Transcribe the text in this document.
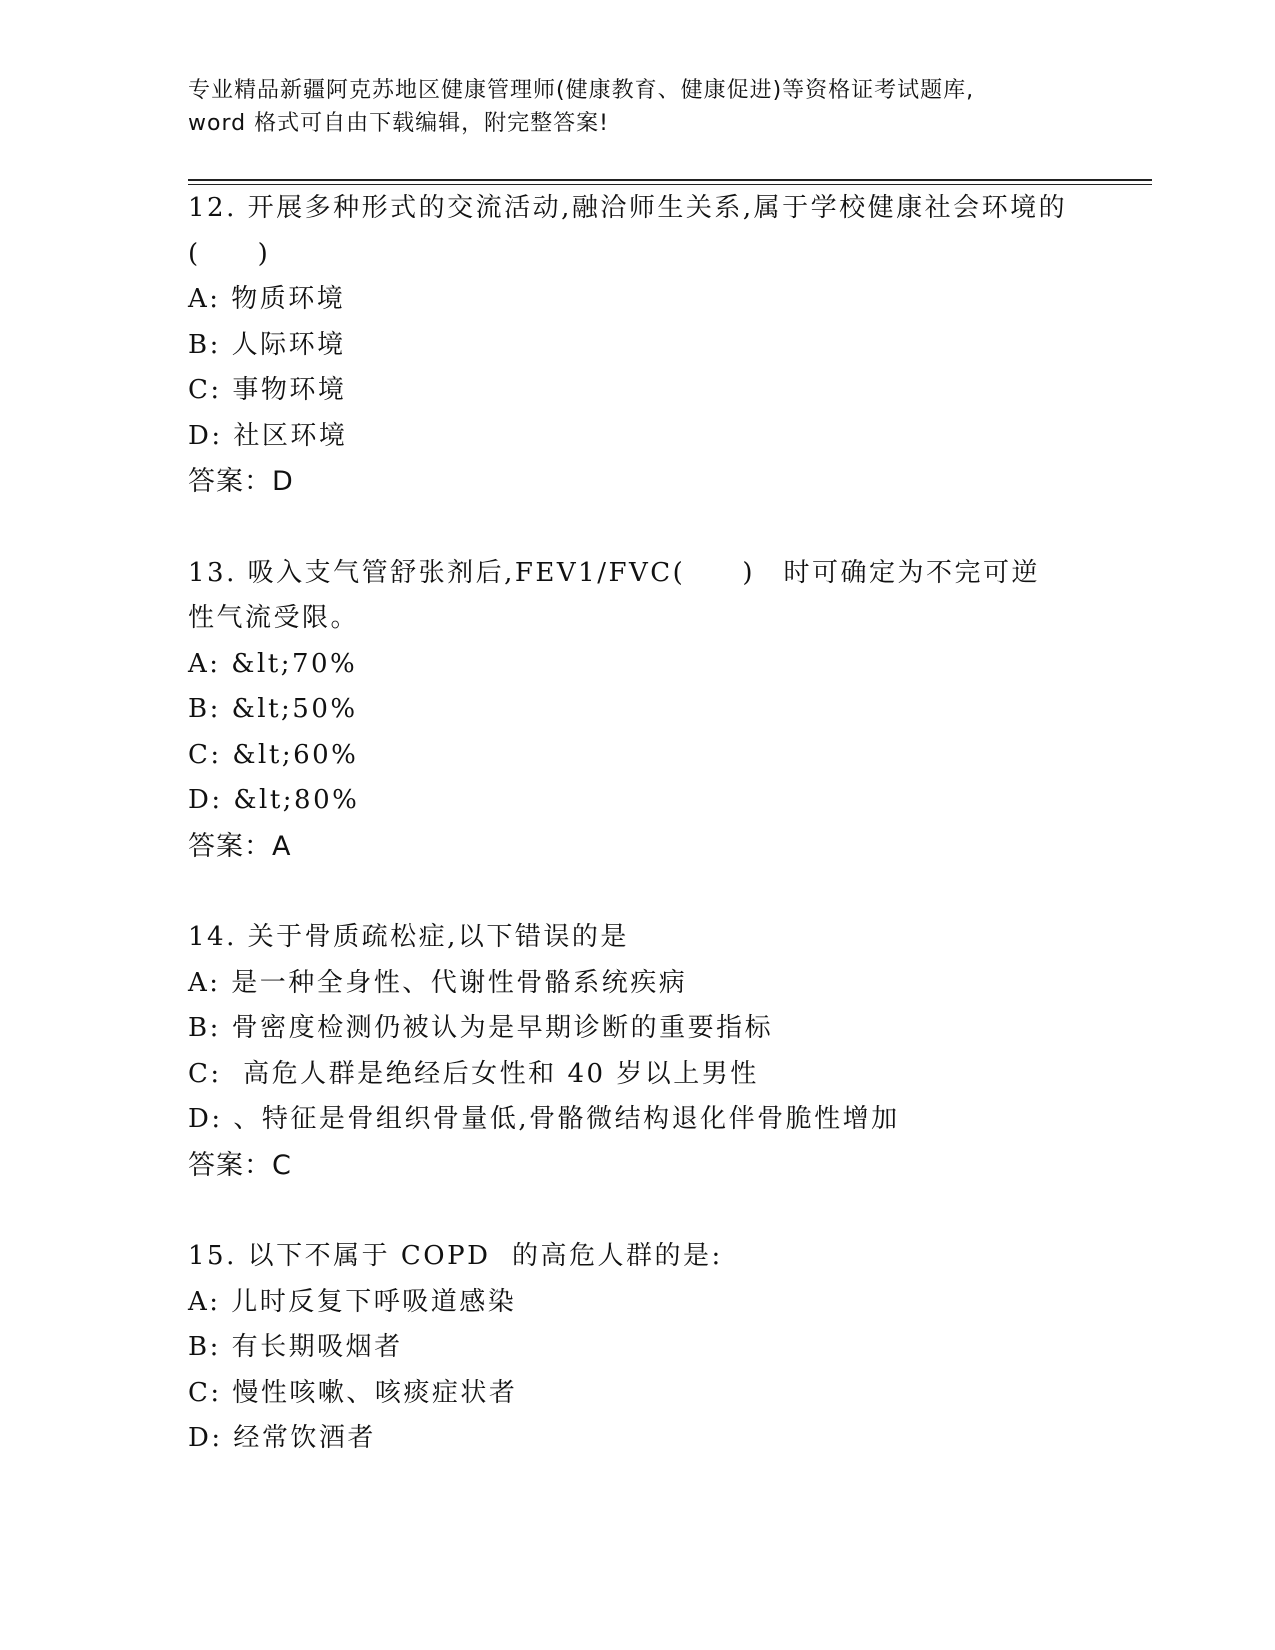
专业精品新疆阿克苏地区健康管理师(健康教育、健康促进)等资格证考试题库,
word 格式可自由下载编辑，附完整答案!
12. 开展多种形式的交流活动,融洽师生关系,属于学校健康社会环境的(　　)
A: 物质环境
B: 人际环境
C: 事物环境
D: 社区环境
答案：D
13. 吸入支气管舒张剂后,FEV1/FVC(　　)　时可确定为不完可逆性气流受限。
A: &lt;70%
B: &lt;50%
C: &lt;60%
D: &lt;80%
答案：A
14. 关于骨质疏松症,以下错误的是
A: 是一种全身性、代谢性骨骼系统疾病
B: 骨密度检测仍被认为是早期诊断的重要指标
C:  高危人群是绝经后女性和 40 岁以上男性
D: 、特征是骨组织骨量低,骨骼微结构退化伴骨脆性增加
答案：C
15. 以下不属于 COPD  的高危人群的是:
A: 儿时反复下呼吸道感染
B: 有长期吸烟者
C: 慢性咳嗽、咳痰症状者
D: 经常饮酒者
